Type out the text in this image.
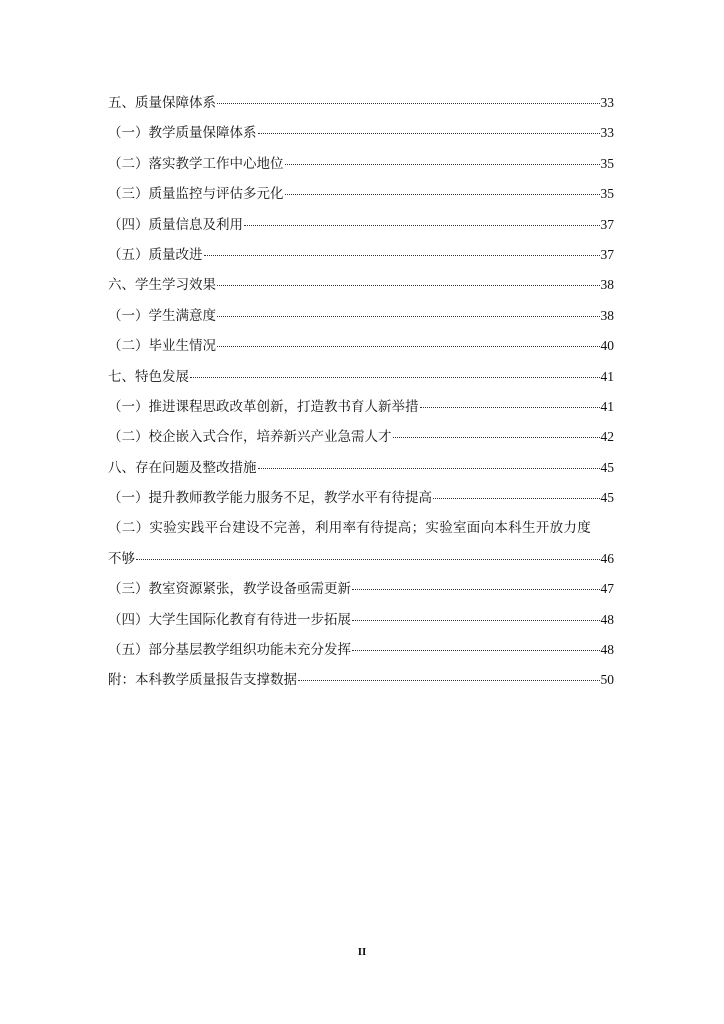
五、质量保障体系	33
（一）教学质量保障体系	33
（二）落实教学工作中心地位	35
（三）质量监控与评估多元化	35
（四）质量信息及利用	37
（五）质量改进	37
六、学生学习效果	38
（一）学生满意度	38
（二）毕业生情况	40
七、特色发展	41
（一）推进课程思政改革创新，打造教书育人新举措	41
（二）校企嵌入式合作，培养新兴产业急需人才	42
八、存在问题及整改措施	45
（一）提升教师教学能力服务不足，教学水平有待提高	45
（二）实验实践平台建设不完善，利用率有待提高；实验室面向本科生开放力度
不够	46
（三）教室资源紧张，教学设备亟需更新	47
（四）大学生国际化教育有待进一步拓展	48
（五）部分基层教学组织功能未充分发挥	48
附：本科教学质量报告支撑数据	50
II
